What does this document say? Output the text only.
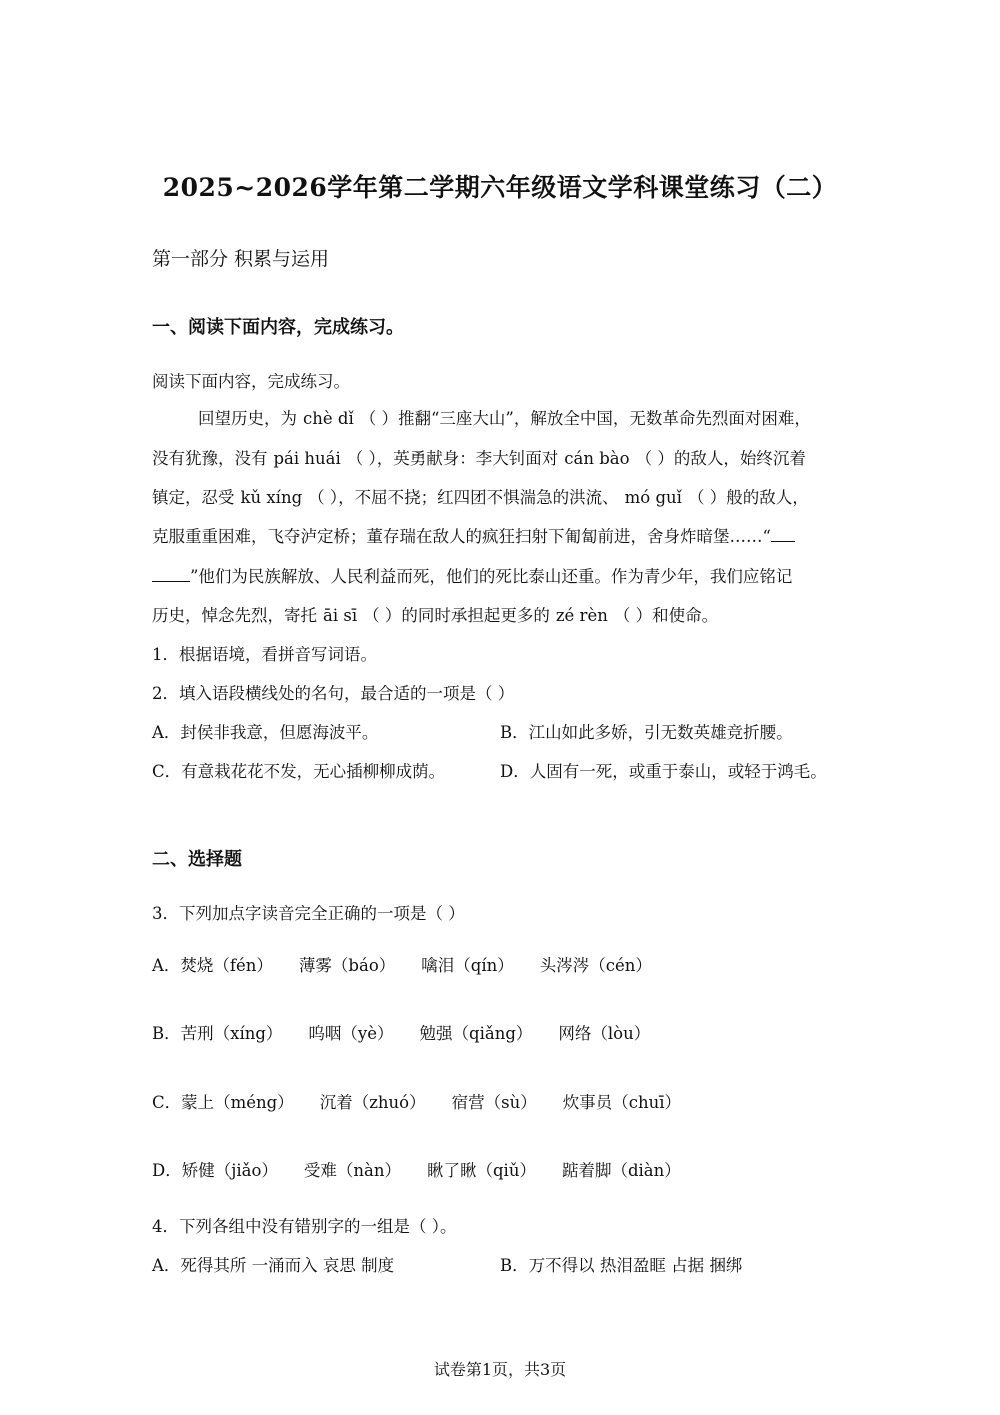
2025~2026学年第二学期六年级语文学科课堂练习（二）
第一部分 积累与运用
一、阅读下面内容，完成练习。
阅读下面内容，完成练习。
回望历史，为 chè dǐ （ ）推翻“三座大山”，解放全中国，无数革命先烈面对困难，
没有犹豫，没有 pái huái （ ），英勇献身：李大钊面对 cán bào （ ）的敌人，始终沉着
镇定，忍受 kǔ xíng （ ），不屈不挠；红四团不惧湍急的洪流、 mó guǐ （ ）般的敌人，
克服重重困难，飞夺泸定桥；董存瑞在敌人的疯狂扫射下匍匐前进，舍身炸暗堡……“
”他们为民族解放、人民利益而死，他们的死比泰山还重。作为青少年，我们应铭记
历史，悼念先烈，寄托 āi sī （ ）的同时承担起更多的 zé rèn （ ）和使命。
1．根据语境，看拼音写词语。
2．填入语段横线处的名句，最合适的一项是（ ）
A．封侯非我意，但愿海波平。	B．江山如此多娇，引无数英雄竞折腰。
C．有意栽花花不发，无心插柳柳成荫。	D．人固有一死，或重于泰山，或轻于鸿毛。
二、选择题
3．下列加点字读音完全正确的一项是（ ）
A．焚烧（fén） 薄雾（báo） 噙泪（qín） 头涔涔（cén）
B．苦刑（xíng） 呜咽（yè） 勉强（qiǎng） 网络（lòu）
C．蒙上（méng） 沉着（zhuó） 宿营（sù） 炊事员（chuī）
D．矫健（jiǎo） 受难（nàn） 瞅了瞅（qiǔ） 踮着脚（diàn）
4．下列各组中没有错别字的一组是（ ）。
A．死得其所 一涌而入 哀思 制度	B．万不得以 热泪盈眶 占据 捆绑
试卷第1页，共3页
